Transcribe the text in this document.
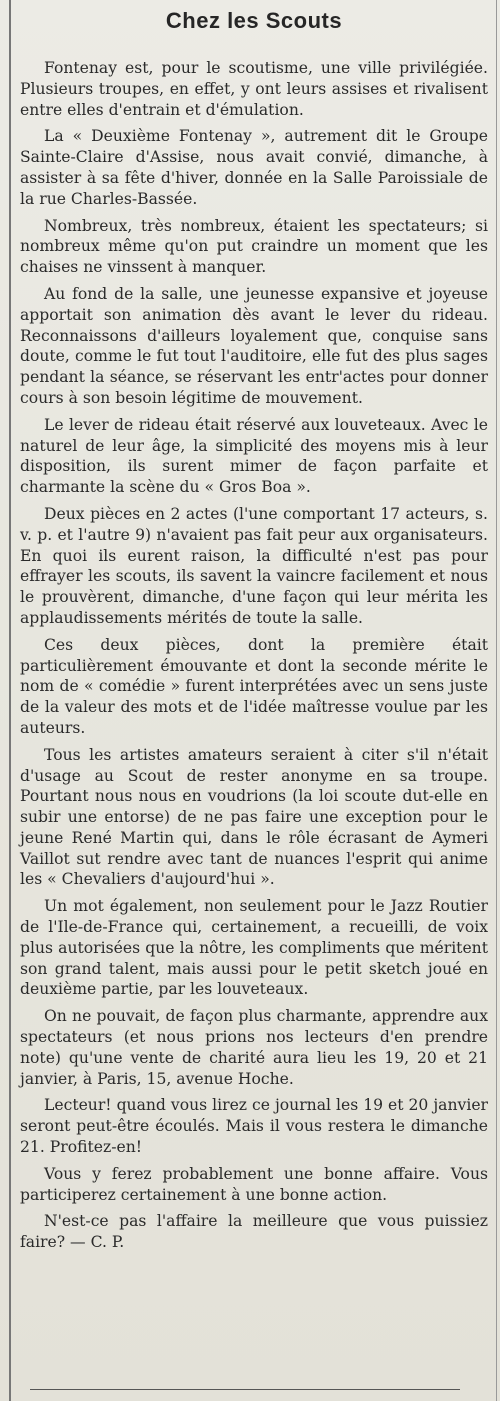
Chez les Scouts

Fontenay est, pour le scoutisme, une ville privilégiée. Plusieurs troupes, en effet, y ont leurs assises et rivalisent entre elles d'entrain et d'émulation.

La « Deuxième Fontenay », autrement dit le Groupe Sainte-Claire d'Assise, nous avait convié, dimanche, à assister à sa fête d'hiver, donnée en la Salle Paroissiale de la rue Charles-Bassée.

Nombreux, très nombreux, étaient les spectateurs; si nombreux même qu'on put craindre un moment que les chaises ne vinssent à manquer.

Au fond de la salle, une jeunesse expansive et joyeuse apportait son animation dès avant le lever du rideau. Reconnaissons d'ailleurs loyalement que, conquise sans doute, comme le fut tout l'auditoire, elle fut des plus sages pendant la séance, se réservant les entr'actes pour donner cours à son besoin légitime de mouvement.

Le lever de rideau était réservé aux louveteaux. Avec le naturel de leur âge, la simplicité des moyens mis à leur disposition, ils surent mimer de façon parfaite et charmante la scène du « Gros Boa ».

Deux pièces en 2 actes (l'une comportant 17 acteurs, s. v. p. et l'autre 9) n'avaient pas fait peur aux organisateurs. En quoi ils eurent raison, la difficulté n'est pas pour effrayer les scouts, ils savent la vaincre facilement et nous le prouvèrent, dimanche, d'une façon qui leur mérita les applaudissements mérités de toute la salle.

Ces deux pièces, dont la première était particulièrement émouvante et dont la seconde mérite le nom de « comédie » furent interprétées avec un sens juste de la valeur des mots et de l'idée maîtresse voulue par les auteurs.

Tous les artistes amateurs seraient à citer s'il n'était d'usage au Scout de rester anonyme en sa troupe. Pourtant nous nous en voudrions (la loi scoute dut-elle en subir une entorse) de ne pas faire une exception pour le jeune René Martin qui, dans le rôle écrasant de Aymeri Vaillot sut rendre avec tant de nuances l'esprit qui anime les « Chevaliers d'aujourd'hui ».

Un mot également, non seulement pour le Jazz Routier de l'Ile-de-France qui, certainement, a recueilli, de voix plus autorisées que la nôtre, les compliments que méritent son grand talent, mais aussi pour le petit sketch joué en deuxième partie, par les louveteaux.

On ne pouvait, de façon plus charmante, apprendre aux spectateurs (et nous prions nos lecteurs d'en prendre note) qu'une vente de charité aura lieu les 19, 20 et 21 janvier, à Paris, 15, avenue Hoche.

Lecteur! quand vous lirez ce journal les 19 et 20 janvier seront peut-être écoulés. Mais il vous restera le dimanche 21. Profitez-en!

Vous y ferez probablement une bonne affaire. Vous participerez certainement à une bonne action.

N'est-ce pas l'affaire la meilleure que vous puissiez faire? — C. P.
